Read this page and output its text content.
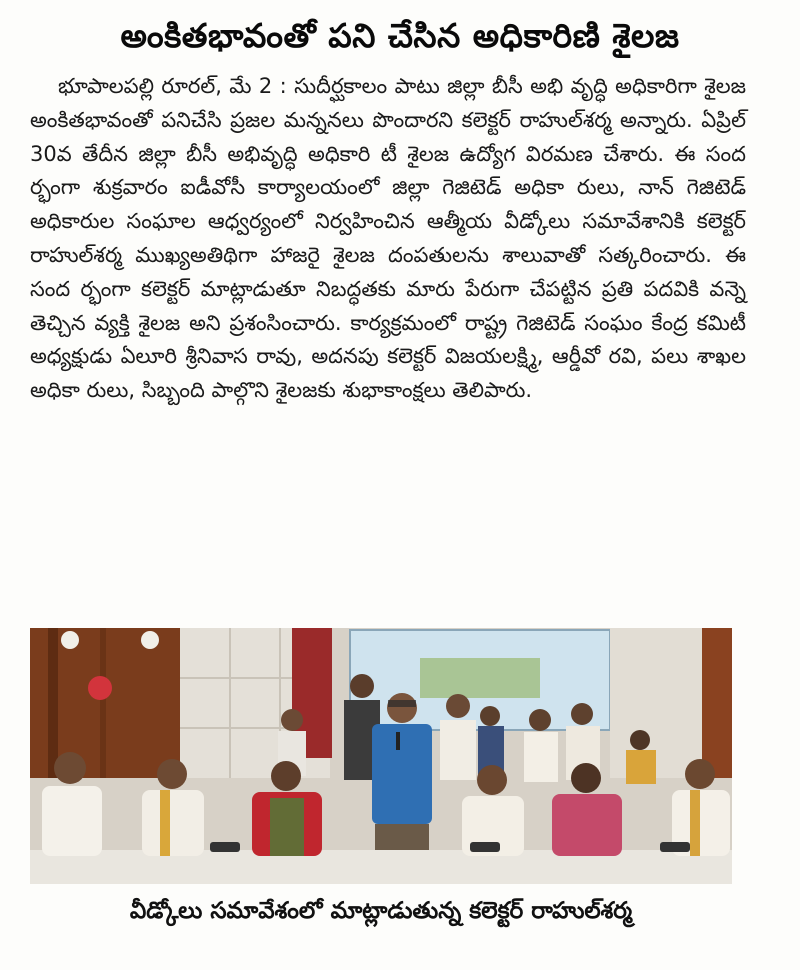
అంకితభావంతో పని చేసిన అధికారిణి శైలజ

భూపాలపల్లి రూరల్, మే 2 : సుదీర్ఘకాలం పాటు జిల్లా బీసీ అభి వృద్ధి అధికారిగా శైలజ అంకితభావంతో పనిచేసి ప్రజల మన్ననలు పొందారని కలెక్టర్ రాహుల్‌శర్మ అన్నారు. ఏప్రిల్ 30వ తేదీన జిల్లా బీసీ అభివృద్ధి అధికారి టీ శైలజ ఉద్యోగ విరమణ చేశారు. ఈ సంద ర్భంగా శుక్రవారం ఐడీవోసీ కార్యాలయంలో జిల్లా గెజిటెడ్ అధికా రులు, నాన్ గెజిటెడ్ అధికారుల సంఘాల ఆధ్వర్యంలో నిర్వహించిన ఆత్మీయ వీడ్కోలు సమావేశానికి కలెక్టర్ రాహుల్‌శర్మ ముఖ్యఅతిథిగా హాజరై శైలజ దంపతులను శాలువాతో సత్కరించారు. ఈ సంద ర్భంగా కలెక్టర్ మాట్లాడుతూ నిబద్ధతకు మారు పేరుగా చేపట్టిన ప్రతి పదవికి వన్నె తెచ్చిన వ్యక్తి శైలజ అని ప్రశంసించారు. కార్యక్రమంలో రాష్ట్ర గెజిటెడ్ సంఘం కేంద్ర కమిటీ అధ్యక్షుడు ఏలూరి శ్రీనివాస రావు, అదనపు కలెక్టర్ విజయలక్ష్మి, ఆర్డీవో రవి, పలు శాఖల అధికా రులు, సిబ్బంది పాల్గొని శైలజకు శుభాకాంక్షలు తెలిపారు.

వీడ్కోలు సమావేశంలో మాట్లాడుతున్న కలెక్టర్ రాహుల్‌శర్మ
